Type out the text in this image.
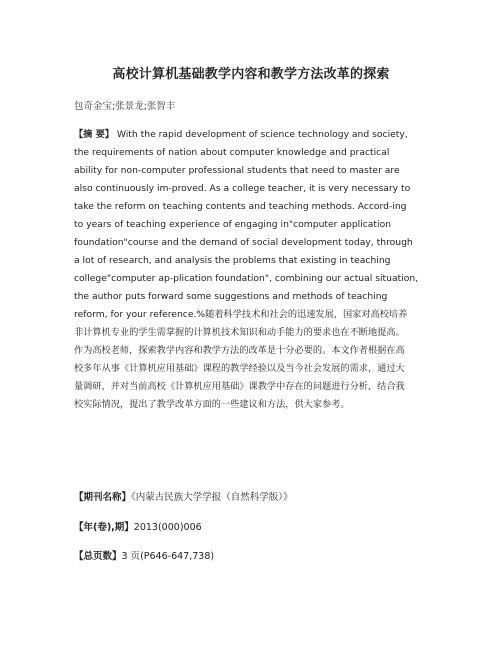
高校计算机基础教学内容和教学方法改革的探索
包奇金宝;张景龙;张智丰
【摘 要】 With the rapid development of science technology and society,
the requirements of nation about computer knowledge and practical
ability for non-computer professional students that need to master are
also continuously im-proved. As a college teacher, it is very necessary to
take the reform on teaching contents and teaching methods. Accord-ing
to years of teaching experience of engaging in"computer application
foundation"course and the demand of social development today, through
a lot of research, and analysis the problems that existing in teaching
college"computer ap-plication foundation", combining our actual situation,
the author puts forward some suggestions and methods of teaching
reform, for your reference.%随着科学技术和社会的迅速发展，国家对高校培养
非计算机专业的学生需掌握的计算机技术知识和动手能力的要求也在不断地提高。
作为高校老师，探索教学内容和教学方法的改革是十分必要的。本文作者根据在高
校多年从事《计算机应用基础》课程的教学经验以及当今社会发展的需求，通过大
量调研，并对当前高校《计算机应用基础》课教学中存在的问题进行分析，结合我
校实际情况，提出了教学改革方面的一些建议和方法，供大家参考。
【期刊名称】《内蒙古民族大学学报（自然科学版）》
【年(卷),期】2013(000)006
【总页数】3 页(P646-647,738)
